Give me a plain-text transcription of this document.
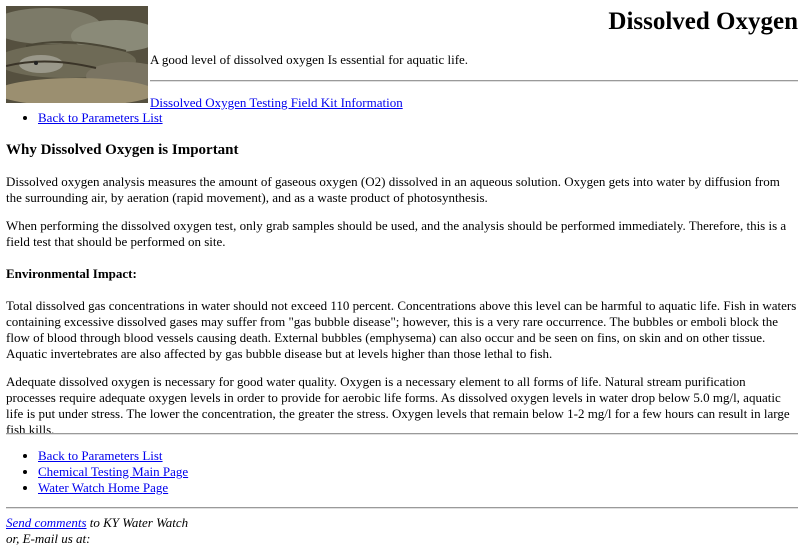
Dissolved Oxygen

A good level of dissolved oxygen Is essential for aquatic life.

Dissolved Oxygen Testing Field Kit Information
• Back to Parameters List
Why Dissolved Oxygen is Important

Dissolved oxygen analysis measures the amount of gaseous oxygen (O2) dissolved in an aqueous solution. Oxygen gets into water by diffusion from the surrounding air, by aeration (rapid movement), and as a waste product of photosynthesis.

When performing the dissolved oxygen test, only grab samples should be used, and the analysis should be performed immediately. Therefore, this is a field test that should be performed on site.

Environmental Impact:

Total dissolved gas concentrations in water should not exceed 110 percent. Concentrations above this level can be harmful to aquatic life. Fish in waters containing excessive dissolved gases may suffer from "gas bubble disease"; however, this is a very rare occurrence. The bubbles or emboli block the flow of blood through blood vessels causing death. External bubbles (emphysema) can also occur and be seen on fins, on skin and on other tissue. Aquatic invertebrates are also affected by gas bubble disease but at levels higher than those lethal to fish.

Adequate dissolved oxygen is necessary for good water quality. Oxygen is a necessary element to all forms of life. Natural stream purification processes require adequate oxygen levels in order to provide for aerobic life forms. As dissolved oxygen levels in water drop below 5.0 mg/l, aquatic life is put under stress. The lower the concentration, the greater the stress. Oxygen levels that remain below 1-2 mg/l for a few hours can result in large fish kills.

• Back to Parameters List
• Chemical Testing Main Page
• Water Watch Home Page
Send comments to KY Water Watch
or, E-mail us at:
